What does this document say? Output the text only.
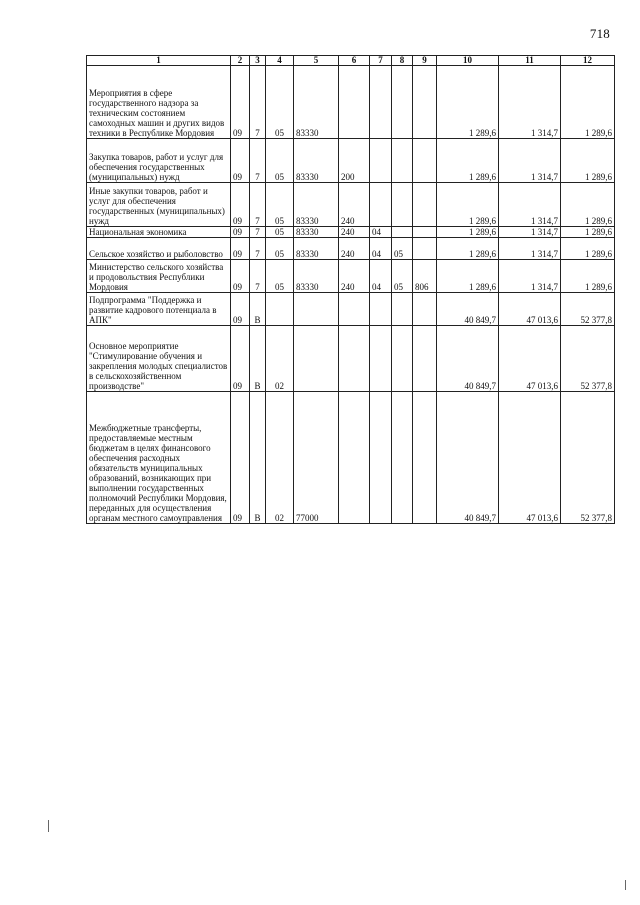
718
1	2	3	4	5	6	7	8	9	10	11	12
Мероприятия в сфере государственного надзора за техническим состоянием самоходных машин и других видов техники в Республике Мордовия	09	7	05	83330					1 289,6	1 314,7	1 289,6
Закупка товаров, работ и услуг для обеспечения государственных (муниципальных) нужд	09	7	05	83330	200				1 289,6	1 314,7	1 289,6
Иные закупки товаров, работ и услуг для обеспечения государственных (муниципальных) нужд	09	7	05	83330	240				1 289,6	1 314,7	1 289,6
Национальная экономика	09	7	05	83330	240	04			1 289,6	1 314,7	1 289,6
Сельское хозяйство и рыболовство	09	7	05	83330	240	04	05		1 289,6	1 314,7	1 289,6
Министерство сельского хозяйства и продовольствия Республики Мордовия	09	7	05	83330	240	04	05	806	1 289,6	1 314,7	1 289,6
Подпрограмма "Поддержка и развитие кадрового потенциала в АПК"	09	В							40 849,7	47 013,6	52 377,8
Основное мероприятие "Стимулирование обучения и закрепления молодых специалистов в сельскохозяйственном производстве"	09	В	02						40 849,7	47 013,6	52 377,8
Межбюджетные трансферты, предоставляемые местным бюджетам в целях финансового обеспечения расходных обязательств муниципальных образований, возникающих при выполнении государственных полномочий Республики Мордовия, переданных для осуществления органам местного самоуправления	09	В	02	77000					40 849,7	47 013,6	52 377,8
